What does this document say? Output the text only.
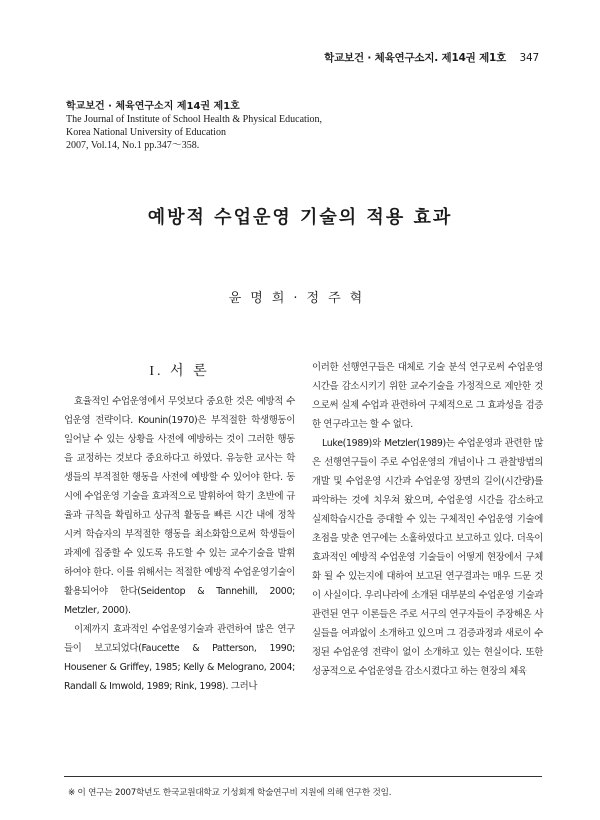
학교보건 · 체육연구소지. 제14권 제1호 347
학교보건 · 체육연구소지 제14권 제1호
The Journal of Institute of School Health & Physical Education,
Korea National University of Education
2007, Vol.14, No.1 pp.347～358.
예방적 수업운영 기술의 적용 효과
윤명희·정주혁
I. 서 론

효율적인 수업운영에서 무엇보다 중요한 것은 예방적 수업운영 전략이다. Kounin(1970)은 부적절한 학생행동이 일어날 수 있는 상황을 사전에 예방하는 것이 그러한 행동을 교정하는 것보다 중요하다고 하였다. 유능한 교사는 학생들의 부적절한 행동을 사전에 예방할 수 있어야 한다. 동시에 수업운영 기술을 효과적으로 발휘하여 학기 초반에 규율과 규칙을 확립하고 상규적 활동을 빠른 시간 내에 정착시켜 학습자의 부적절한 행동을 최소화함으로써 학생들이 과제에 집중할 수 있도록 유도할 수 있는 교수기술을 발휘하여야 한다. 이를 위해서는 적절한 예방적 수업운영기술이 활용되어야 한다(Seidentop & Tannehill, 2000; Metzler, 2000).

이제까지 효과적인 수업운영기술과 관련하여 많은 연구들이 보고되었다(Faucette & Patterson, 1990; Housener & Griffey, 1985; Kelly & Melograno, 2004; Randall & Imwold, 1989; Rink, 1998). 그러나

이러한 선행연구들은 대체로 기술 분석 연구로써 수업운영시간을 감소시키기 위한 교수기술을 가정적으로 제안한 것으로써 실제 수업과 관련하여 구체적으로 그 효과성을 검증한 연구라고는 할 수 없다.

Luke(1989)와 Metzler(1989)는 수업운영과 관련한 많은 선행연구들이 주로 수업운영의 개념이나 그 관찰방법의 개발 및 수업운영 시간과 수업운영 장면의 길이(시간량)를 파악하는 것에 치우쳐 왔으며, 수업운영 시간을 감소하고 실제학습시간을 증대할 수 있는 구체적인 수업운영 기술에 초점을 맞춘 연구에는 소홀하였다고 보고하고 있다. 더욱이 효과적인 예방적 수업운영 기술들이 어떻게 현장에서 구체화 될 수 있는지에 대하여 보고된 연구결과는 매우 드문 것이 사실이다. 우리나라에 소개된 대부분의 수업운영 기술과 관련된 연구 이론들은 주로 서구의 연구자들이 주장해온 사실들을 여과없이 소개하고 있으며 그 검증과정과 새로이 수정된 수업운영 전략이 없이 소개하고 있는 현실이다. 또한 성공적으로 수업운영을 감소시켰다고 하는 현장의 체육

※ 이 연구는 2007학년도 한국교원대학교 기성회계 학술연구비 지원에 의해 연구한 것임.
